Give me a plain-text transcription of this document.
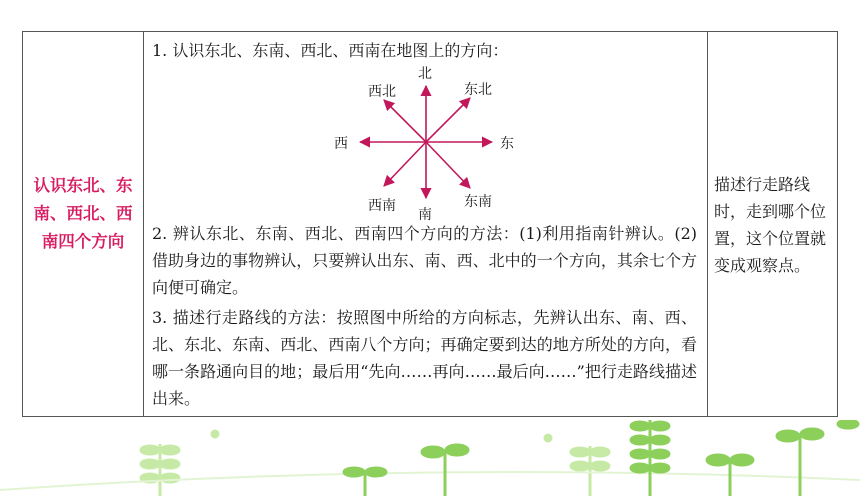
认识东北、东南、西北、西南四个方向
1. 认识东北、东南、西北、西南在地图上的方向：
北
南
东
西
东北
西北
东南
西南
2. 辨认东北、东南、西北、西南四个方向的方法：(1)利用指南针辨认。(2)借助身边的事物辨认，只要辨认出东、南、西、北中的一个方向，其余七个方向便可确定。
3. 描述行走路线的方法：按照图中所给的方向标志，先辨认出东、南、西、北、东北、东南、西北、西南八个方向；再确定要到达的地方所处的方向，看哪一条路通向目的地；最后用“先向……再向……最后向……”把行走路线描述出来。
描述行走路线时，走到哪个位置，这个位置就变成观察点。
